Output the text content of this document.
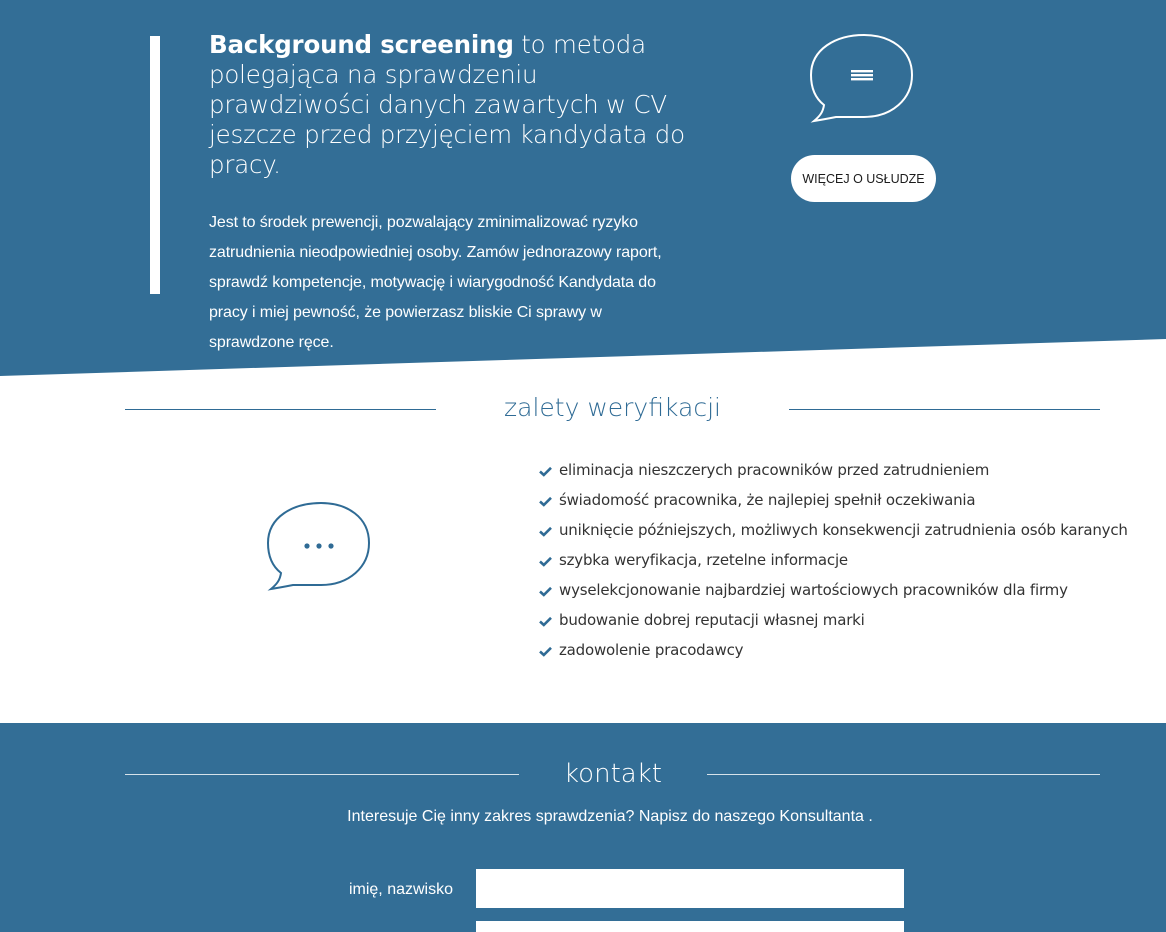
Background screening to metoda polegająca na sprawdzeniu prawdziwości danych zawartych w CV jeszcze przed przyjęciem kandydata do pracy.

Jest to środek prewencji, pozwalający zminimalizować ryzyko zatrudnienia nieodpowiedniej osoby. Zamów jednorazowy raport, sprawdź kompetencje, motywację i wiarygodność Kandydata do pracy i miej pewność, że powierzasz bliskie Ci sprawy w sprawdzone ręce.

WIĘCEJ O USŁUDZE
zalety weryfikacji
eliminacja nieszczerych pracowników przed zatrudnieniem
świadomość pracownika, że najlepiej spełnił oczekiwania
uniknięcie późniejszych, możliwych konsekwencji zatrudnienia osób karanych
szybka weryfikacja, rzetelne informacje
wyselekcjonowanie najbardziej wartościowych pracowników dla firmy
budowanie dobrej reputacji własnej marki
zadowolenie pracodawcy
kontakt

Interesuje Cię inny zakres sprawdzenia? Napisz do naszego Konsultanta .

imię, nazwisko
